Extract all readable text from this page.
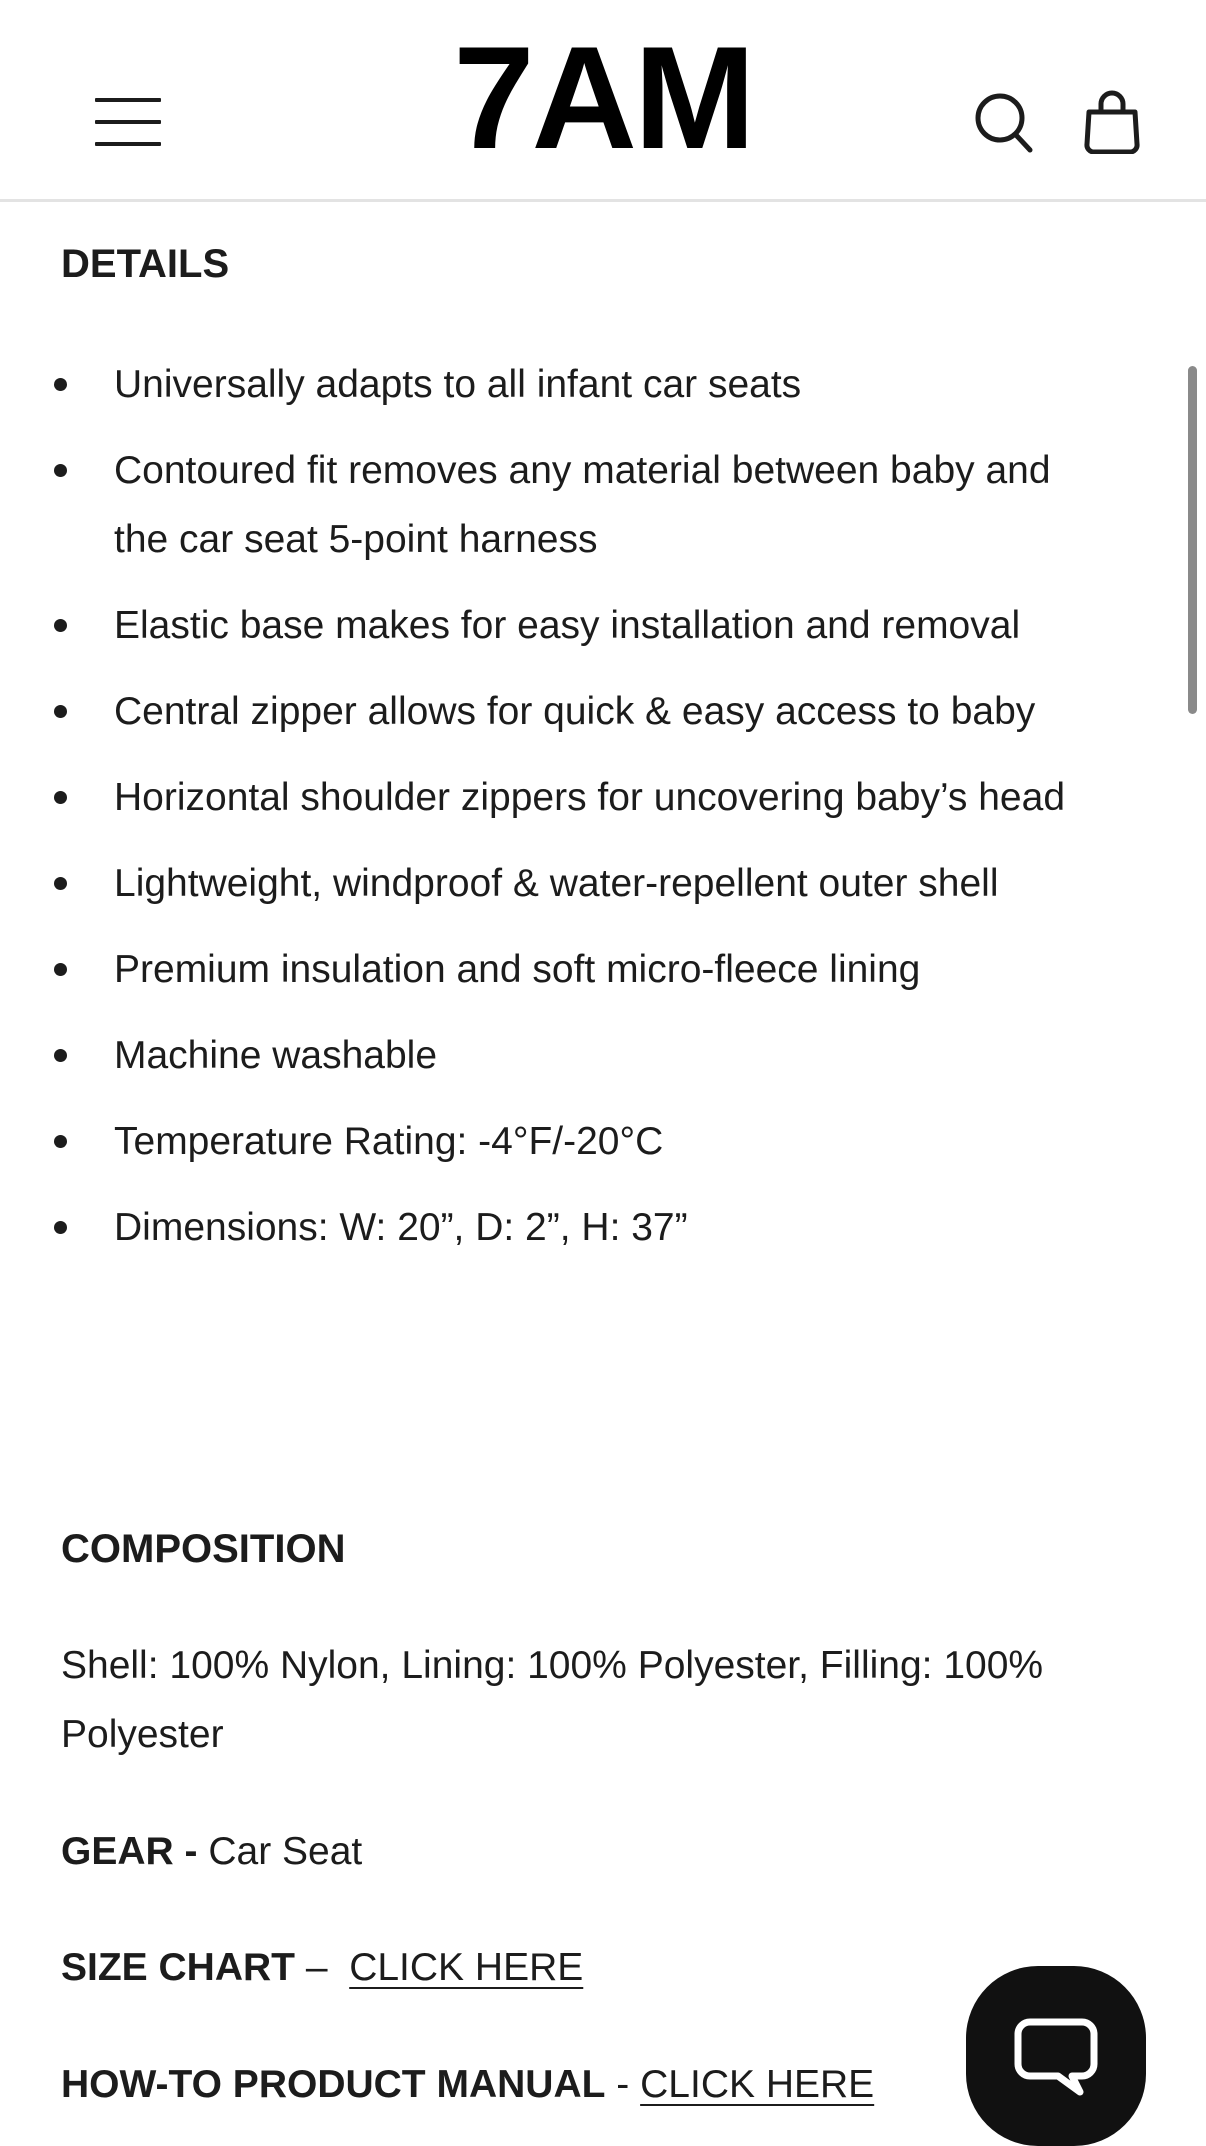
7AM
DETAILS
Universally adapts to all infant car seats
Contoured fit removes any material between baby and the car seat 5-point harness
Elastic base makes for easy installation and removal
Central zipper allows for quick & easy access to baby
Horizontal shoulder zippers for uncovering baby’s head
Lightweight, windproof & water-repellent outer shell
Premium insulation and soft micro-fleece lining
Machine washable
Temperature Rating: -4°F/-20°C
Dimensions: W: 20”, D: 2”, H: 37”
COMPOSITION
Shell: 100% Nylon, Lining: 100% Polyester, Filling: 100% Polyester
GEAR - Car Seat
SIZE CHART –  CLICK HERE
HOW-TO PRODUCT MANUAL - CLICK HERE
